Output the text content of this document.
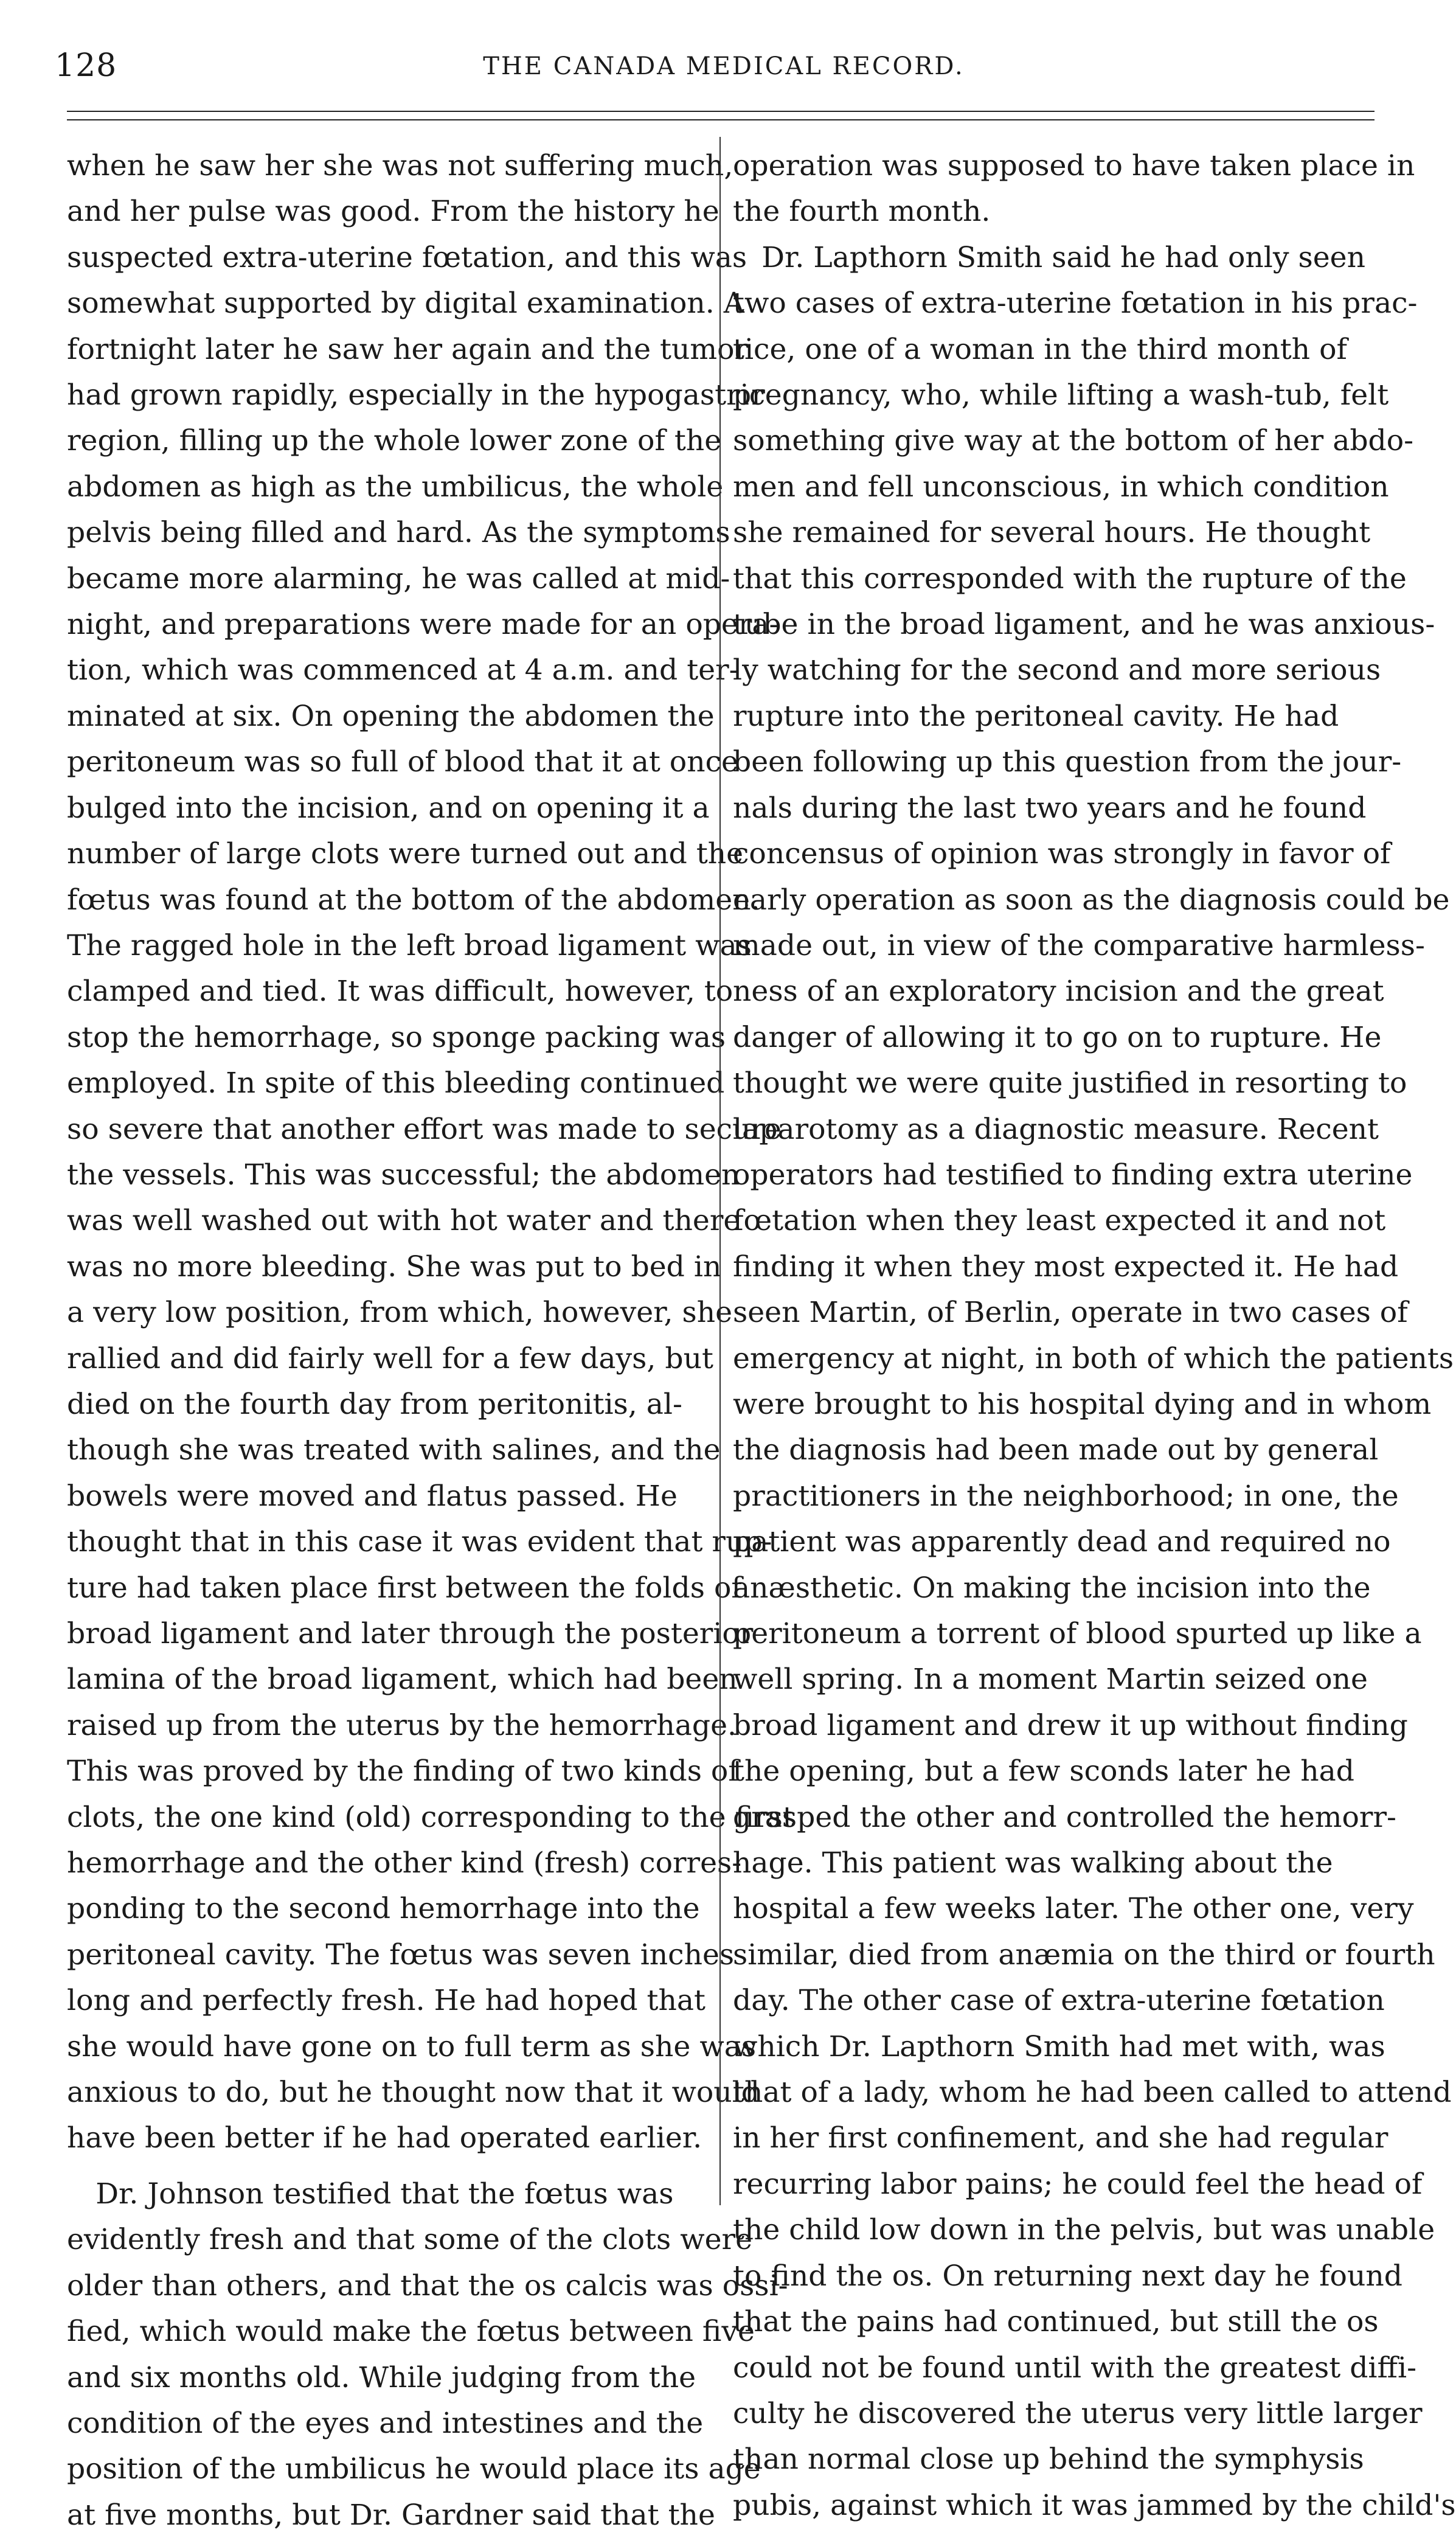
128	THE CANADA MEDICAL RECORD.
when he saw her she was not suffering much,
and her pulse was good. From the history he
suspected extra-uterine fœtation, and this was
somewhat supported by digital examination. A
fortnight later he saw her again and the tumor
had grown rapidly, especially in the hypogastric
region, filling up the whole lower zone of the
abdomen as high as the umbilicus, the whole
pelvis being filled and hard. As the symptoms
became more alarming, he was called at mid-
night, and preparations were made for an opera-
tion, which was commenced at 4 a.m. and ter-
minated at six. On opening the abdomen the
peritoneum was so full of blood that it at once
bulged into the incision, and on opening it a
number of large clots were turned out and the
fœtus was found at the bottom of the abdomen.
The ragged hole in the left broad ligament was
clamped and tied. It was difficult, however, to
stop the hemorrhage, so sponge packing was
employed. In spite of this bleeding continued
so severe that another effort was made to secure
the vessels. This was successful; the abdomen
was well washed out with hot water and there
was no more bleeding. She was put to bed in
a very low position, from which, however, she
rallied and did fairly well for a few days, but
died on the fourth day from peritonitis, al-
though she was treated with salines, and the
bowels were moved and flatus passed. He
thought that in this case it was evident that rup-
ture had taken place first between the folds of
broad ligament and later through the posterior
lamina of the broad ligament, which had been
raised up from the uterus by the hemorrhage.
This was proved by the finding of two kinds of
clots, the one kind (old) corresponding to the first
hemorrhage and the other kind (fresh) corres-
ponding to the second hemorrhage into the
peritoneal cavity. The fœtus was seven inches
long and perfectly fresh. He had hoped that
she would have gone on to full term as she was
anxious to do, but he thought now that it would
have been better if he had operated earlier.
 Dr. Johnson testified that the fœtus was
evidently fresh and that some of the clots were
older than others, and that the os calcis was ossi-
fied, which would make the fœtus between five
and six months old. While judging from the
condition of the eyes and intestines and the
position of the umbilicus he would place its age
at five months, but Dr. Gardner said that the
operation was supposed to have taken place in
the fourth month.
 Dr. Lapthorn Smith said he had only seen
two cases of extra-uterine fœtation in his prac-
tice, one of a woman in the third month of
pregnancy, who, while lifting a wash-tub, felt
something give way at the bottom of her abdo-
men and fell unconscious, in which condition
she remained for several hours. He thought
that this corresponded with the rupture of the
tube in the broad ligament, and he was anxious-
ly watching for the second and more serious
rupture into the peritoneal cavity. He had
been following up this question from the jour-
nals during the last two years and he found
concensus of opinion was strongly in favor of
early operation as soon as the diagnosis could be
made out, in view of the comparative harmless-
ness of an exploratory incision and the great
danger of allowing it to go on to rupture. He
thought we were quite justified in resorting to
laparotomy as a diagnostic measure. Recent
operators had testified to finding extra uterine
fœtation when they least expected it and not
finding it when they most expected it. He had
seen Martin, of Berlin, operate in two cases of
emergency at night, in both of which the patients
were brought to his hospital dying and in whom
the diagnosis had been made out by general
practitioners in the neighborhood; in one, the
patient was apparently dead and required no
anæsthetic. On making the incision into the
peritoneum a torrent of blood spurted up like a
well spring. In a moment Martin seized one
broad ligament and drew it up without finding
the opening, but a few sconds later he had
grasped the other and controlled the hemorr-
hage. This patient was walking about the
hospital a few weeks later. The other one, very
similar, died from anæmia on the third or fourth
day. The other case of extra-uterine fœtation
which Dr. Lapthorn Smith had met with, was
that of a lady, whom he had been called to attend
in her first confinement, and she had regular
recurring labor pains; he could feel the head of
the child low down in the pelvis, but was unable
to find the os. On returning next day he found
that the pains had continued, but still the os
could not be found until with the greatest diffi-
culty he discovered the uterus very little larger
than normal close up behind the symphysis
pubis, against which it was jammed by the child's
